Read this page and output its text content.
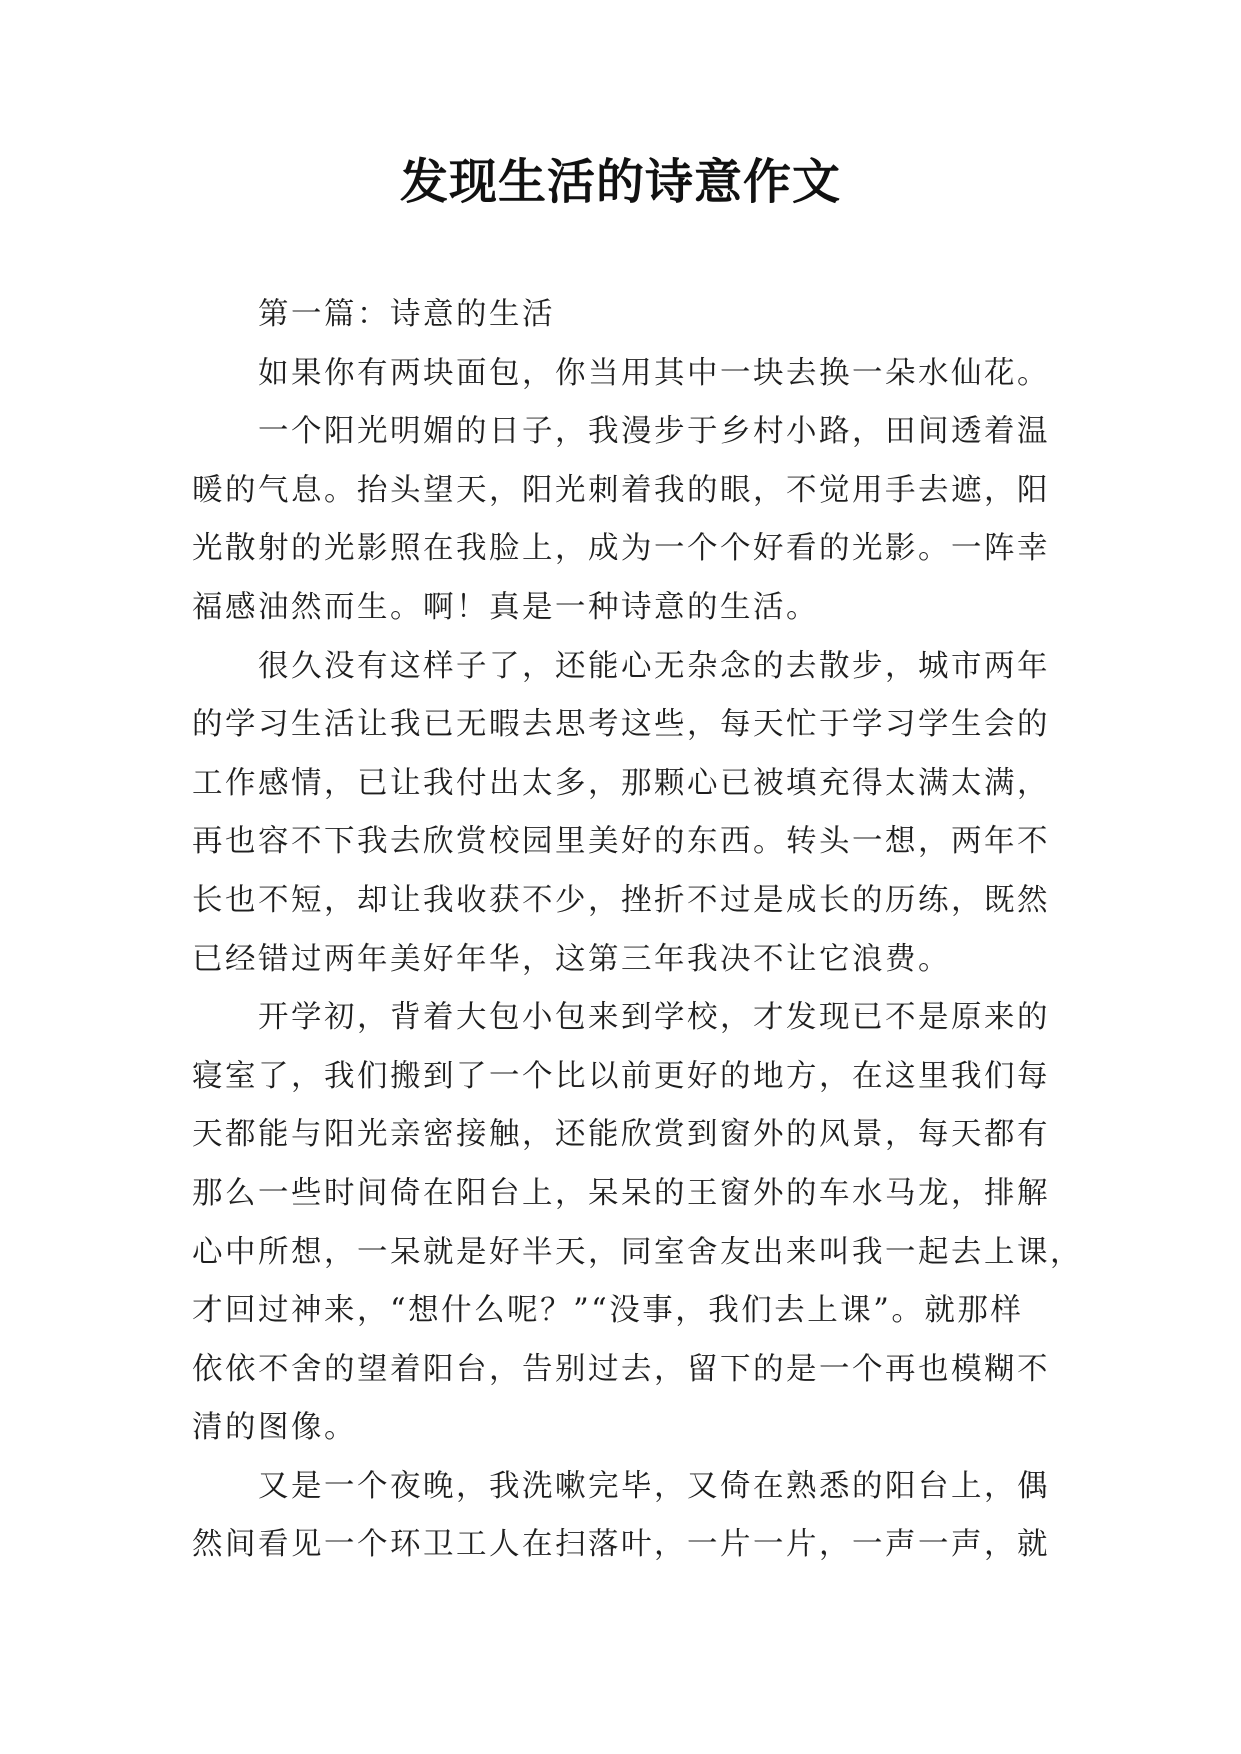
发现生活的诗意作文
第一篇：诗意的生活
如果你有两块面包，你当用其中一块去换一朵水仙花。
一个阳光明媚的日子，我漫步于乡村小路，田间透着温
暖的气息。抬头望天，阳光刺着我的眼，不觉用手去遮，阳
光散射的光影照在我脸上，成为一个个好看的光影。一阵幸
福感油然而生。啊！真是一种诗意的生活。
很久没有这样子了，还能心无杂念的去散步，城市两年
的学习生活让我已无暇去思考这些，每天忙于学习学生会的
工作感情，已让我付出太多，那颗心已被填充得太满太满，
再也容不下我去欣赏校园里美好的东西。转头一想，两年不
长也不短，却让我收获不少，挫折不过是成长的历练，既然
已经错过两年美好年华，这第三年我决不让它浪费。
开学初，背着大包小包来到学校，才发现已不是原来的
寝室了，我们搬到了一个比以前更好的地方，在这里我们每
天都能与阳光亲密接触，还能欣赏到窗外的风景，每天都有
那么一些时间倚在阳台上，呆呆的王窗外的车水马龙，排解
心中所想，一呆就是好半天，同室舍友出来叫我一起去上课，
才回过神来，“想什么呢？”“没事，我们去上课”。就那样
依依不舍的望着阳台，告别过去，留下的是一个再也模糊不
清的图像。
又是一个夜晚，我洗嗽完毕，又倚在熟悉的阳台上，偶
然间看见一个环卫工人在扫落叶，一片一片，一声一声，就
